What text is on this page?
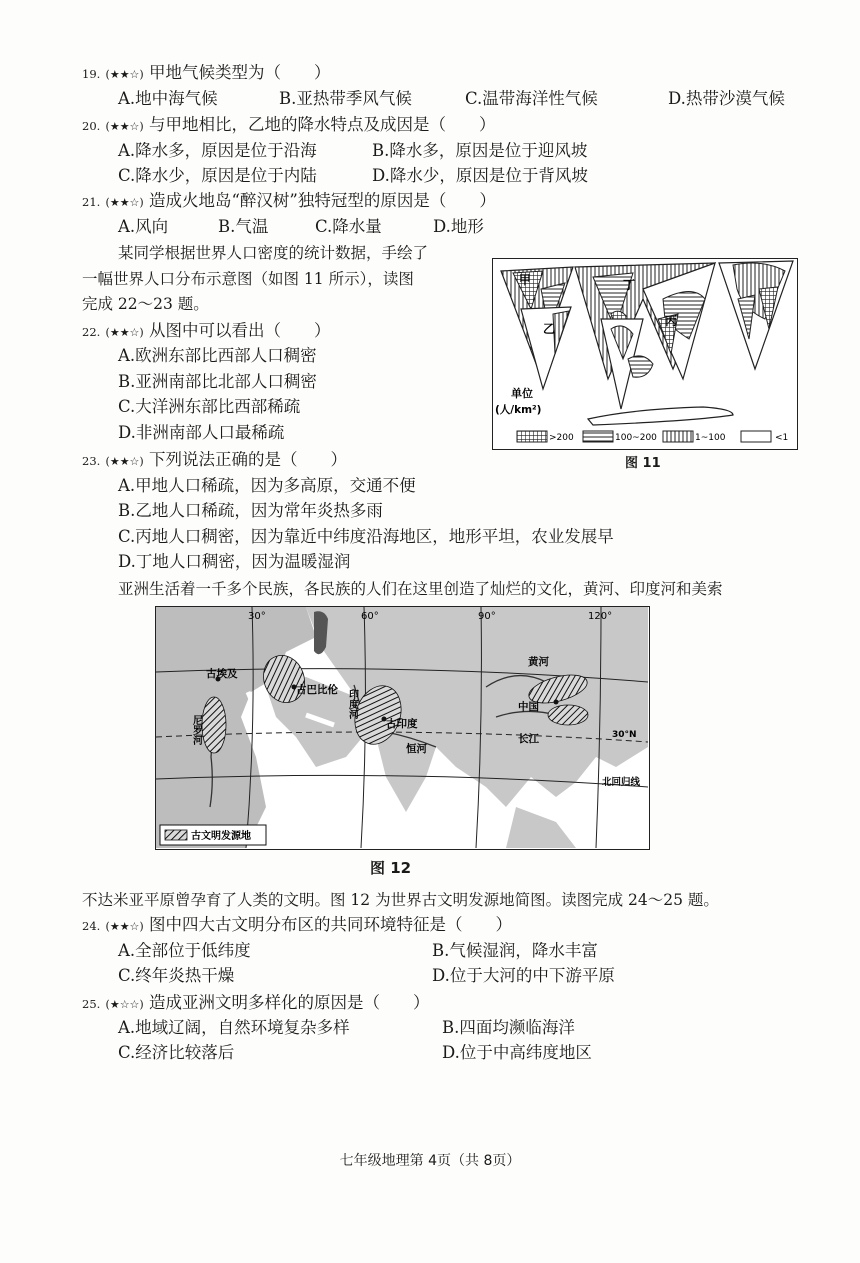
19. (★★☆) 甲地气候类型为（　　）
A.地中海气候	B.亚热带季风气候	C.温带海洋性气候	D.热带沙漠气候
20. (★★☆) 与甲地相比，乙地的降水特点及成因是（　　）
A.降水多，原因是位于沿海	B.降水多，原因是位于迎风坡
C.降水少，原因是位于内陆	D.降水少，原因是位于背风坡
21. (★★☆) 造成火地岛“醉汉树”独特冠型的原因是（　　）
A.风向	B.气温	C.降水量	D.地形
某同学根据世界人口密度的统计数据，手绘了
一幅世界人口分布示意图（如图 11 所示），读图
完成 22～23 题。
22. (★★☆) 从图中可以看出（　　）
A.欧洲东部比西部人口稠密
B.亚洲南部比北部人口稠密
C.大洋洲东部比西部稀疏
D.非洲南部人口最稀疏
甲
乙
丙
丁
单位
(人/km²)
>200	100~200	1~100	<1
图 11
23. (★★☆) 下列说法正确的是（　　）
A.甲地人口稀疏，因为多高原，交通不便
B.乙地人口稀疏，因为常年炎热多雨
C.丙地人口稠密，因为靠近中纬度沿海地区，地形平坦，农业发展早
D.丁地人口稠密，因为温暖湿润
亚洲生活着一千多个民族，各民族的人们在这里创造了灿烂的文化，黄河、印度河和美索
30°	60°	90°	120°
30°N
北回归线
古埃及
古巴比伦
古印度
中国
尼罗河
印度河
恒河
黄河
长江
古文明发源地
图 12
不达米亚平原曾孕育了人类的文明。图 12 为世界古文明发源地简图。读图完成 24～25 题。
24. (★★☆) 图中四大古文明分布区的共同环境特征是（　　）
A.全部位于低纬度	B.气候湿润，降水丰富
C.终年炎热干燥	D.位于大河的中下游平原
25. (★☆☆) 造成亚洲文明多样化的原因是（　　）
A.地域辽阔，自然环境复杂多样	B.四面均濒临海洋
C.经济比较落后	D.位于中高纬度地区
七年级地理第 4页（共 8页）
